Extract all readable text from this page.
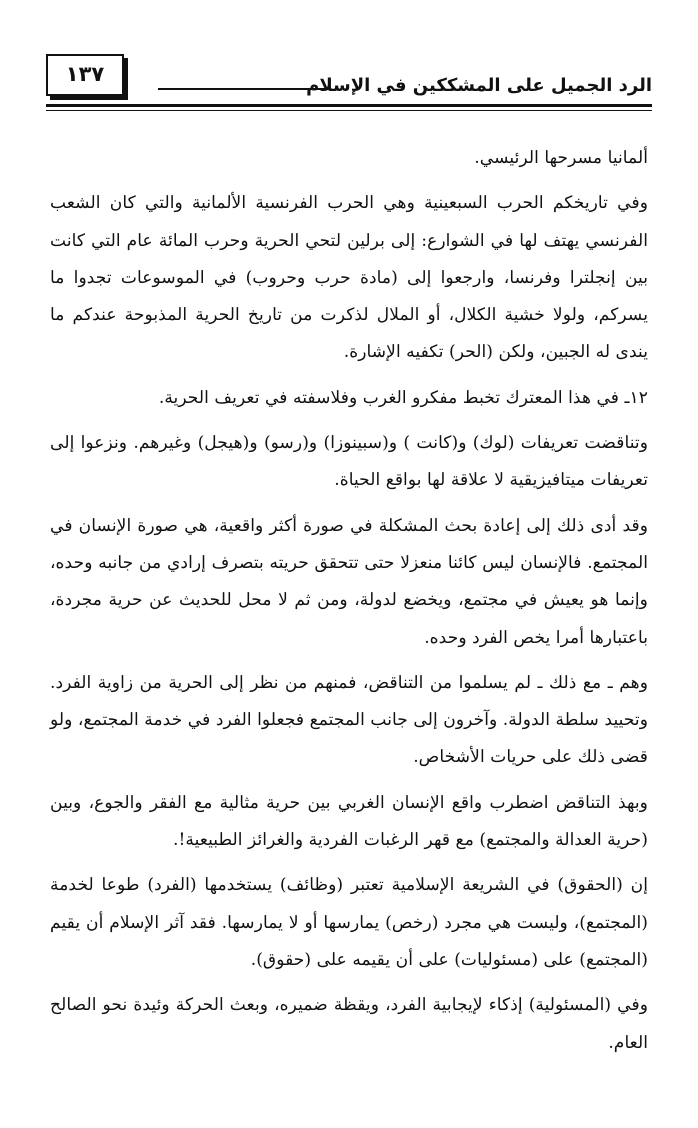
الرد الجميل على المشككين في الإسلام
١٣٧

ألمانيا مسرحها الرئيسي.

وفي تاريخكم الحرب السبعينية وهي الحرب الفرنسية الألمانية والتي كان الشعب الفرنسي يهتف لها في الشوارع: إلى برلين لتحي الحرية وحرب المائة عام التي كانت بين إنجلترا وفرنسا، وارجعوا إلى (مادة حرب وحروب) في الموسوعات تجدوا ما يسركم، ولولا خشية الكلال، أو الملال لذكرت من تاريخ الحرية المذبوحة عندكم ما يندى له الجبين، ولكن (الحر) تكفيه الإشارة.

١٢ـ في هذا المعترك تخبط مفكرو الغرب وفلاسفته في تعريف الحرية.

وتناقضت تعريفات (لوك) و(كانت ) و(سبينوزا) و(رسو) و(هيجل) وغيرهم. ونزعوا إلى تعريفات ميتافيزيقية لا علاقة لها بواقع الحياة.

وقد أدى ذلك إلى إعادة بحث المشكلة في صورة أكثر واقعية، هي صورة الإنسان في المجتمع. فالإنسان ليس كائنا منعزلا حتى تتحقق حريته بتصرف إرادي من جانبه وحده، وإنما هو يعيش في مجتمع، ويخضع لدولة، ومن ثم لا محل للحديث عن حرية مجردة، باعتبارها أمرا يخص الفرد وحده.

وهم ـ مع ذلك ـ لم يسلموا من التناقض، فمنهم من نظر إلى الحرية من زاوية الفرد. وتحييد سلطة الدولة. وآخرون إلى جانب المجتمع فجعلوا الفرد في خدمة المجتمع، ولو قضى ذلك على حريات الأشخاص.

وبهذ التناقض اضطرب واقع الإنسان الغربي بين حرية مثالية مع الفقر والجوع، وبين (حرية العدالة والمجتمع) مع قهر الرغبات الفردية والغرائز الطبيعية!.

إن (الحقوق) في الشريعة الإسلامية تعتبر (وظائف) يستخدمها (الفرد) طوعا لخدمة (المجتمع)، وليست هي مجرد (رخص) يمارسها أو لا يمارسها. فقد آثر الإسلام أن يقيم (المجتمع) على (مسئوليات) على أن يقيمه على (حقوق).

وفي (المسئولية) إذكاء لإيجابية الفرد، ويقظة ضميره، وبعث الحركة وئيدة نحو الصالح العام.
